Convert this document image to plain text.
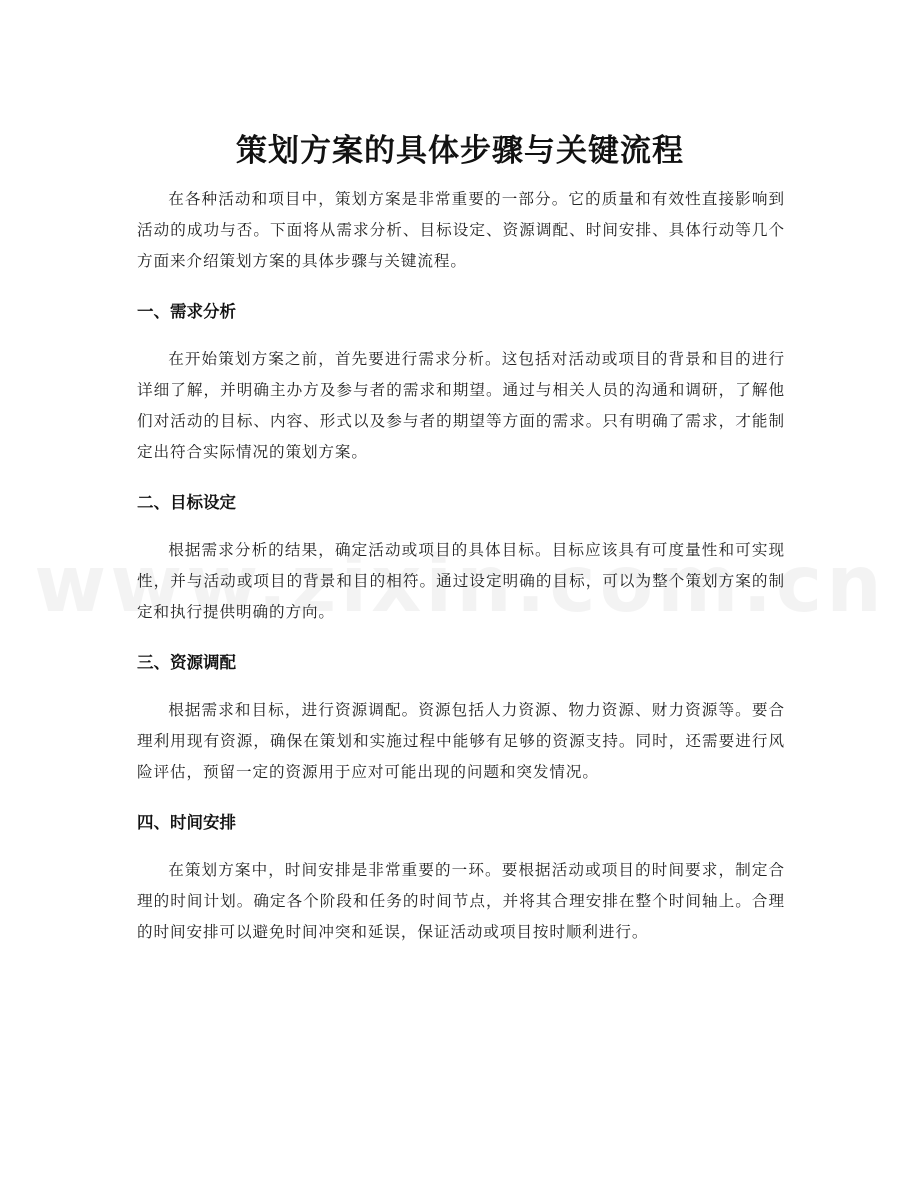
策划方案的具体步骤与关键流程

在各种活动和项目中，策划方案是非常重要的一部分。它的质量和有效性直接影响到活动的成功与否。下面将从需求分析、目标设定、资源调配、时间安排、具体行动等几个方面来介绍策划方案的具体步骤与关键流程。

一、需求分析

在开始策划方案之前，首先要进行需求分析。这包括对活动或项目的背景和目的进行详细了解，并明确主办方及参与者的需求和期望。通过与相关人员的沟通和调研，了解他们对活动的目标、内容、形式以及参与者的期望等方面的需求。只有明确了需求，才能制定出符合实际情况的策划方案。

二、目标设定

根据需求分析的结果，确定活动或项目的具体目标。目标应该具有可度量性和可实现性，并与活动或项目的背景和目的相符。通过设定明确的目标，可以为整个策划方案的制定和执行提供明确的方向。

三、资源调配

根据需求和目标，进行资源调配。资源包括人力资源、物力资源、财力资源等。要合理利用现有资源，确保在策划和实施过程中能够有足够的资源支持。同时，还需要进行风险评估，预留一定的资源用于应对可能出现的问题和突发情况。

四、时间安排

在策划方案中，时间安排是非常重要的一环。要根据活动或项目的时间要求，制定合理的时间计划。确定各个阶段和任务的时间节点，并将其合理安排在整个时间轴上。合理的时间安排可以避免时间冲突和延误，保证活动或项目按时顺利进行。
